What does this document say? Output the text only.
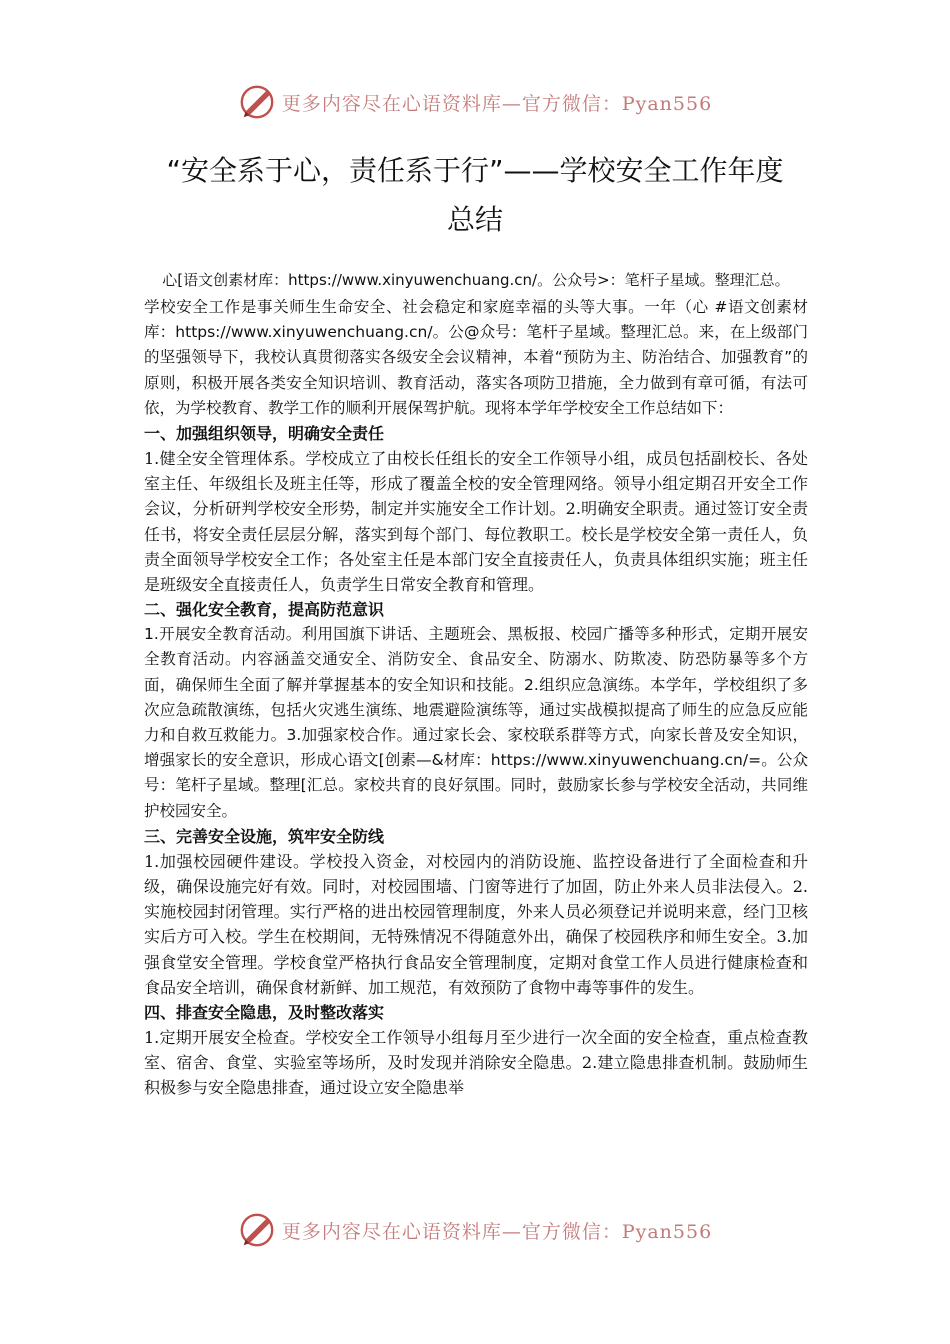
更多内容尽在心语资料库—官方微信：Pyan556
“安全系于心，责任系于行”——学校安全工作年度
总结

心[语文创素材库：https://www.xinyuwenchuang.cn/。公众号>：笔杆子星域。整理汇总。

学校安全工作是事关师生生命安全、社会稳定和家庭幸福的头等大事。一年（心 #语文创素材库：https://www.xinyuwenchuang.cn/。公@众号：笔杆子星域。整理汇总。来，在上级部门的坚强领导下，我校认真贯彻落实各级安全会议精神，本着“预防为主、防治结合、加强教育”的原则，积极开展各类安全知识培训、教育活动，落实各项防卫措施，全力做到有章可循，有法可依，为学校教育、教学工作的顺利开展保驾护航。现将本学年学校安全工作总结如下：

一、加强组织领导，明确安全责任

1.健全安全管理体系。学校成立了由校长任组长的安全工作领导小组，成员包括副校长、各处室主任、年级组长及班主任等，形成了覆盖全校的安全管理网络。领导小组定期召开安全工作会议，分析研判学校安全形势，制定并实施安全工作计划。2.明确安全职责。通过签订安全责任书，将安全责任层层分解，落实到每个部门、每位教职工。校长是学校安全第一责任人，负责全面领导学校安全工作；各处室主任是本部门安全直接责任人，负责具体组织实施；班主任是班级安全直接责任人，负责学生日常安全教育和管理。

二、强化安全教育，提高防范意识

1.开展安全教育活动。利用国旗下讲话、主题班会、黑板报、校园广播等多种形式，定期开展安全教育活动。内容涵盖交通安全、消防安全、食品安全、防溺水、防欺凌、防恐防暴等多个方面，确保师生全面了解并掌握基本的安全知识和技能。2.组织应急演练。本学年，学校组织了多次应急疏散演练，包括火灾逃生演练、地震避险演练等，通过实战模拟提高了师生的应急反应能力和自救互救能力。3.加强家校合作。通过家长会、家校联系群等方式，向家长普及安全知识，增强家长的安全意识，形成心语文[创素—&材库：https://www.xinyuwenchuang.cn/=。公众号：笔杆子星域。整理[汇总。家校共育的良好氛围。同时，鼓励家长参与学校安全活动，共同维护校园安全。

三、完善安全设施，筑牢安全防线

1.加强校园硬件建设。学校投入资金，对校园内的消防设施、监控设备进行了全面检查和升级，确保设施完好有效。同时，对校园围墙、门窗等进行了加固，防止外来人员非法侵入。2.实施校园封闭管理。实行严格的进出校园管理制度，外来人员必须登记并说明来意，经门卫核实后方可入校。学生在校期间，无特殊情况不得随意外出，确保了校园秩序和师生安全。3.加强食堂安全管理。学校食堂严格执行食品安全管理制度，定期对食堂工作人员进行健康检查和食品安全培训，确保食材新鲜、加工规范，有效预防了食物中毒等事件的发生。

四、排查安全隐患，及时整改落实

1.定期开展安全检查。学校安全工作领导小组每月至少进行一次全面的安全检查，重点检查教室、宿舍、食堂、实验室等场所，及时发现并消除安全隐患。2.建立隐患排查机制。鼓励师生积极参与安全隐患排查，通过设立安全隐患举

更多内容尽在心语资料库—官方微信：Pyan556
